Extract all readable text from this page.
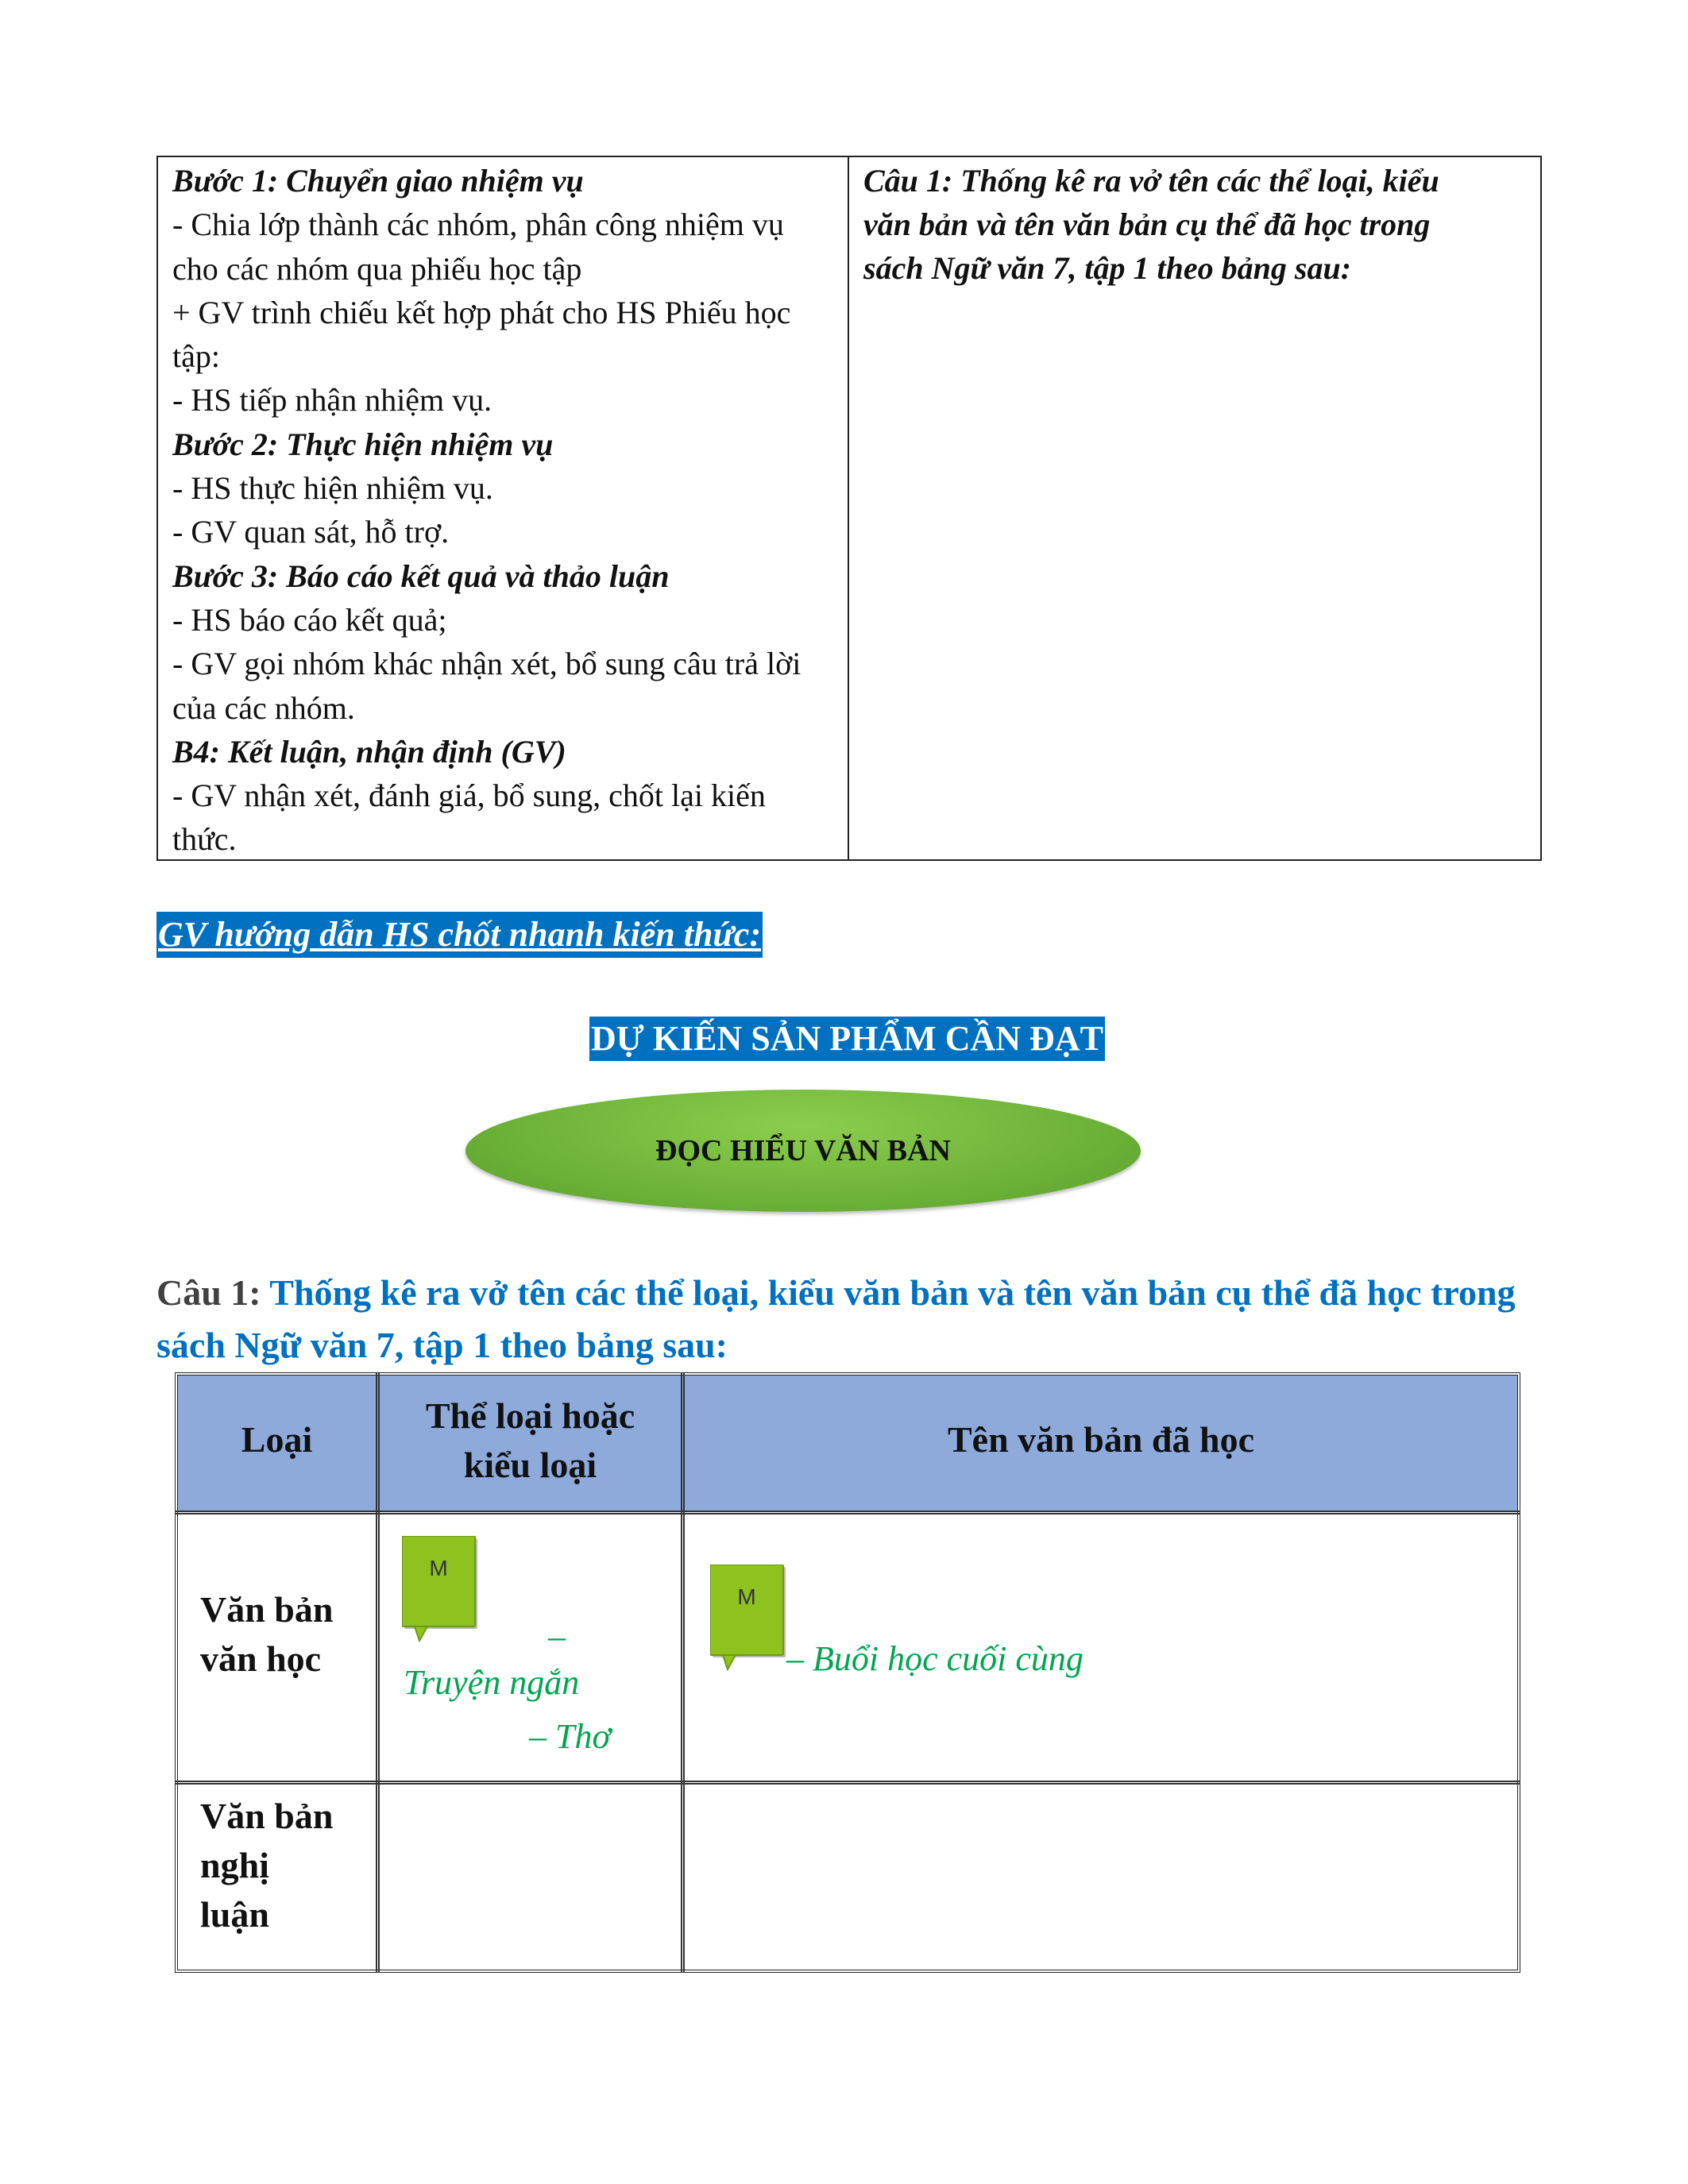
Bước 1: Chuyển giao nhiệm vụ
- Chia lớp thành các nhóm, phân công nhiệm vụ
cho các nhóm qua phiếu học tập
+ GV trình chiếu kết hợp phát cho HS Phiếu học
tập:
- HS tiếp nhận nhiệm vụ.
Bước 2: Thực hiện nhiệm vụ
- HS thực hiện nhiệm vụ.
- GV quan sát, hỗ trợ.
Bước 3: Báo cáo kết quả và thảo luận
- HS báo cáo kết quả;
- GV gọi nhóm khác nhận xét, bổ sung câu trả lời
của các nhóm.
B4: Kết luận, nhận định (GV)
- GV nhận xét, đánh giá, bổ sung, chốt lại kiến
thức.
Câu 1: Thống kê ra vở tên các thể loại, kiểu
văn bản và tên văn bản cụ thể đã học trong
sách Ngữ văn 7, tập 1 theo bảng sau:
GV hướng dẫn HS chốt nhanh kiến thức:
DỰ KIẾN SẢN PHẨM CẦN ĐẠT
ĐỌC HIỂU VĂN BẢN
Câu 1: Thống kê ra vở tên các thể loại, kiểu văn bản và tên văn bản cụ thể đã học trong sách Ngữ văn 7, tập 1 theo bảng sau:
Loại
Thể loại hoặc
kiểu loại
Tên văn bản đã học
Văn bản
văn học
M
–
Truyện ngắn
– Thơ
M
– Buổi học cuối cùng
Văn bản
nghị
luận
